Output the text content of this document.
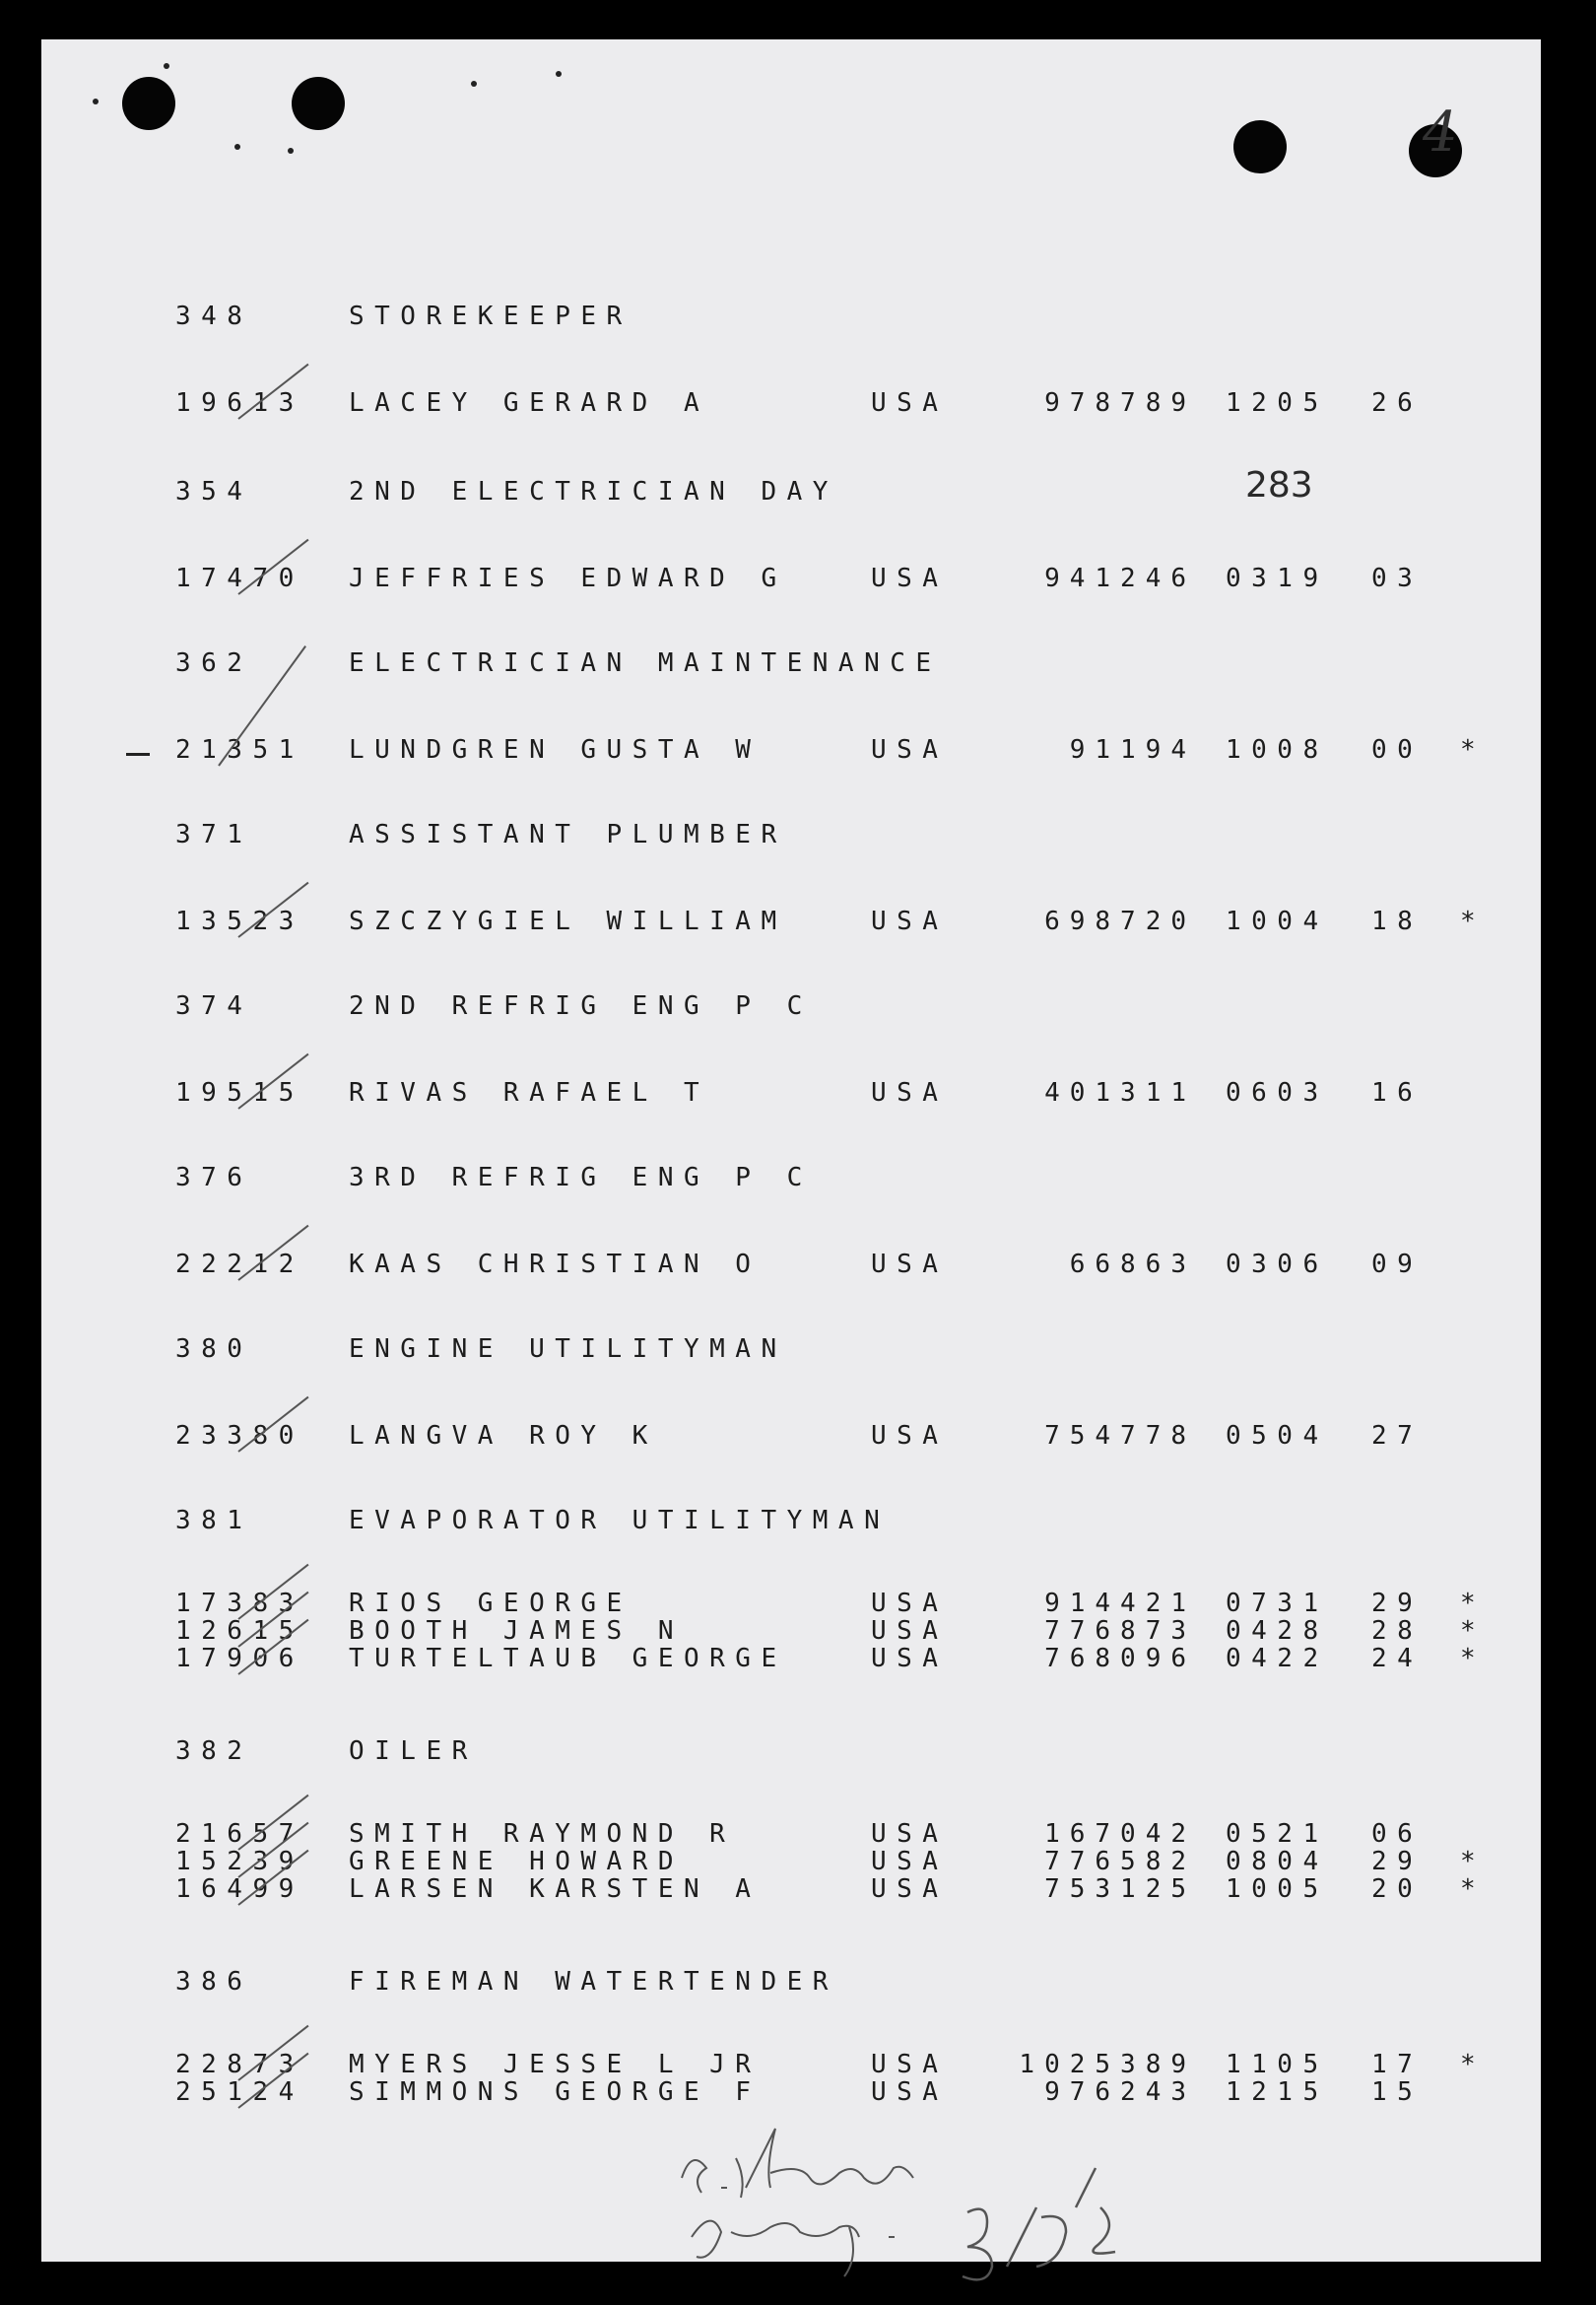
4
283
348	STOREKEEPER
19613 LACEY GERARD A	USA	978789 1205 26
354	2ND ELECTRICIAN DAY
17470 JEFFRIES EDWARD G	USA	941246 0319 03
362	ELECTRICIAN MAINTENANCE
21351 LUNDGREN GUSTA W	USA	91194 1008 00 *
371	ASSISTANT PLUMBER
13523 SZCZYGIEL WILLIAM	USA	698720 1004 18 *
374	2ND REFRIG ENG P C
19515 RIVAS RAFAEL T	USA	401311 0603 16
376	3RD REFRIG ENG P C
22212 KAAS CHRISTIAN O	USA	66863 0306 09
380	ENGINE UTILITYMAN
23380 LANGVA ROY K	USA	754778 0504 27
381	EVAPORATOR UTILITYMAN
17383 RIOS GEORGE	USA	914421 0731 29 *
12615 BOOTH JAMES N	USA	776873 0428 28 *
17906 TURTELTAUB GEORGE	USA	768096 0422 24 *
382	OILER
21657 SMITH RAYMOND R	USA	167042 0521 06
15239 GREENE HOWARD	USA	776582 0804 29 *
16499 LARSEN KARSTEN A	USA	753125 1005 20 *
386	FIREMAN WATERTENDER
22873 MYERS JESSE L JR	USA	1025389 1105 17 *
25124 SIMMONS GEORGE F	USA	976243 1215 15
